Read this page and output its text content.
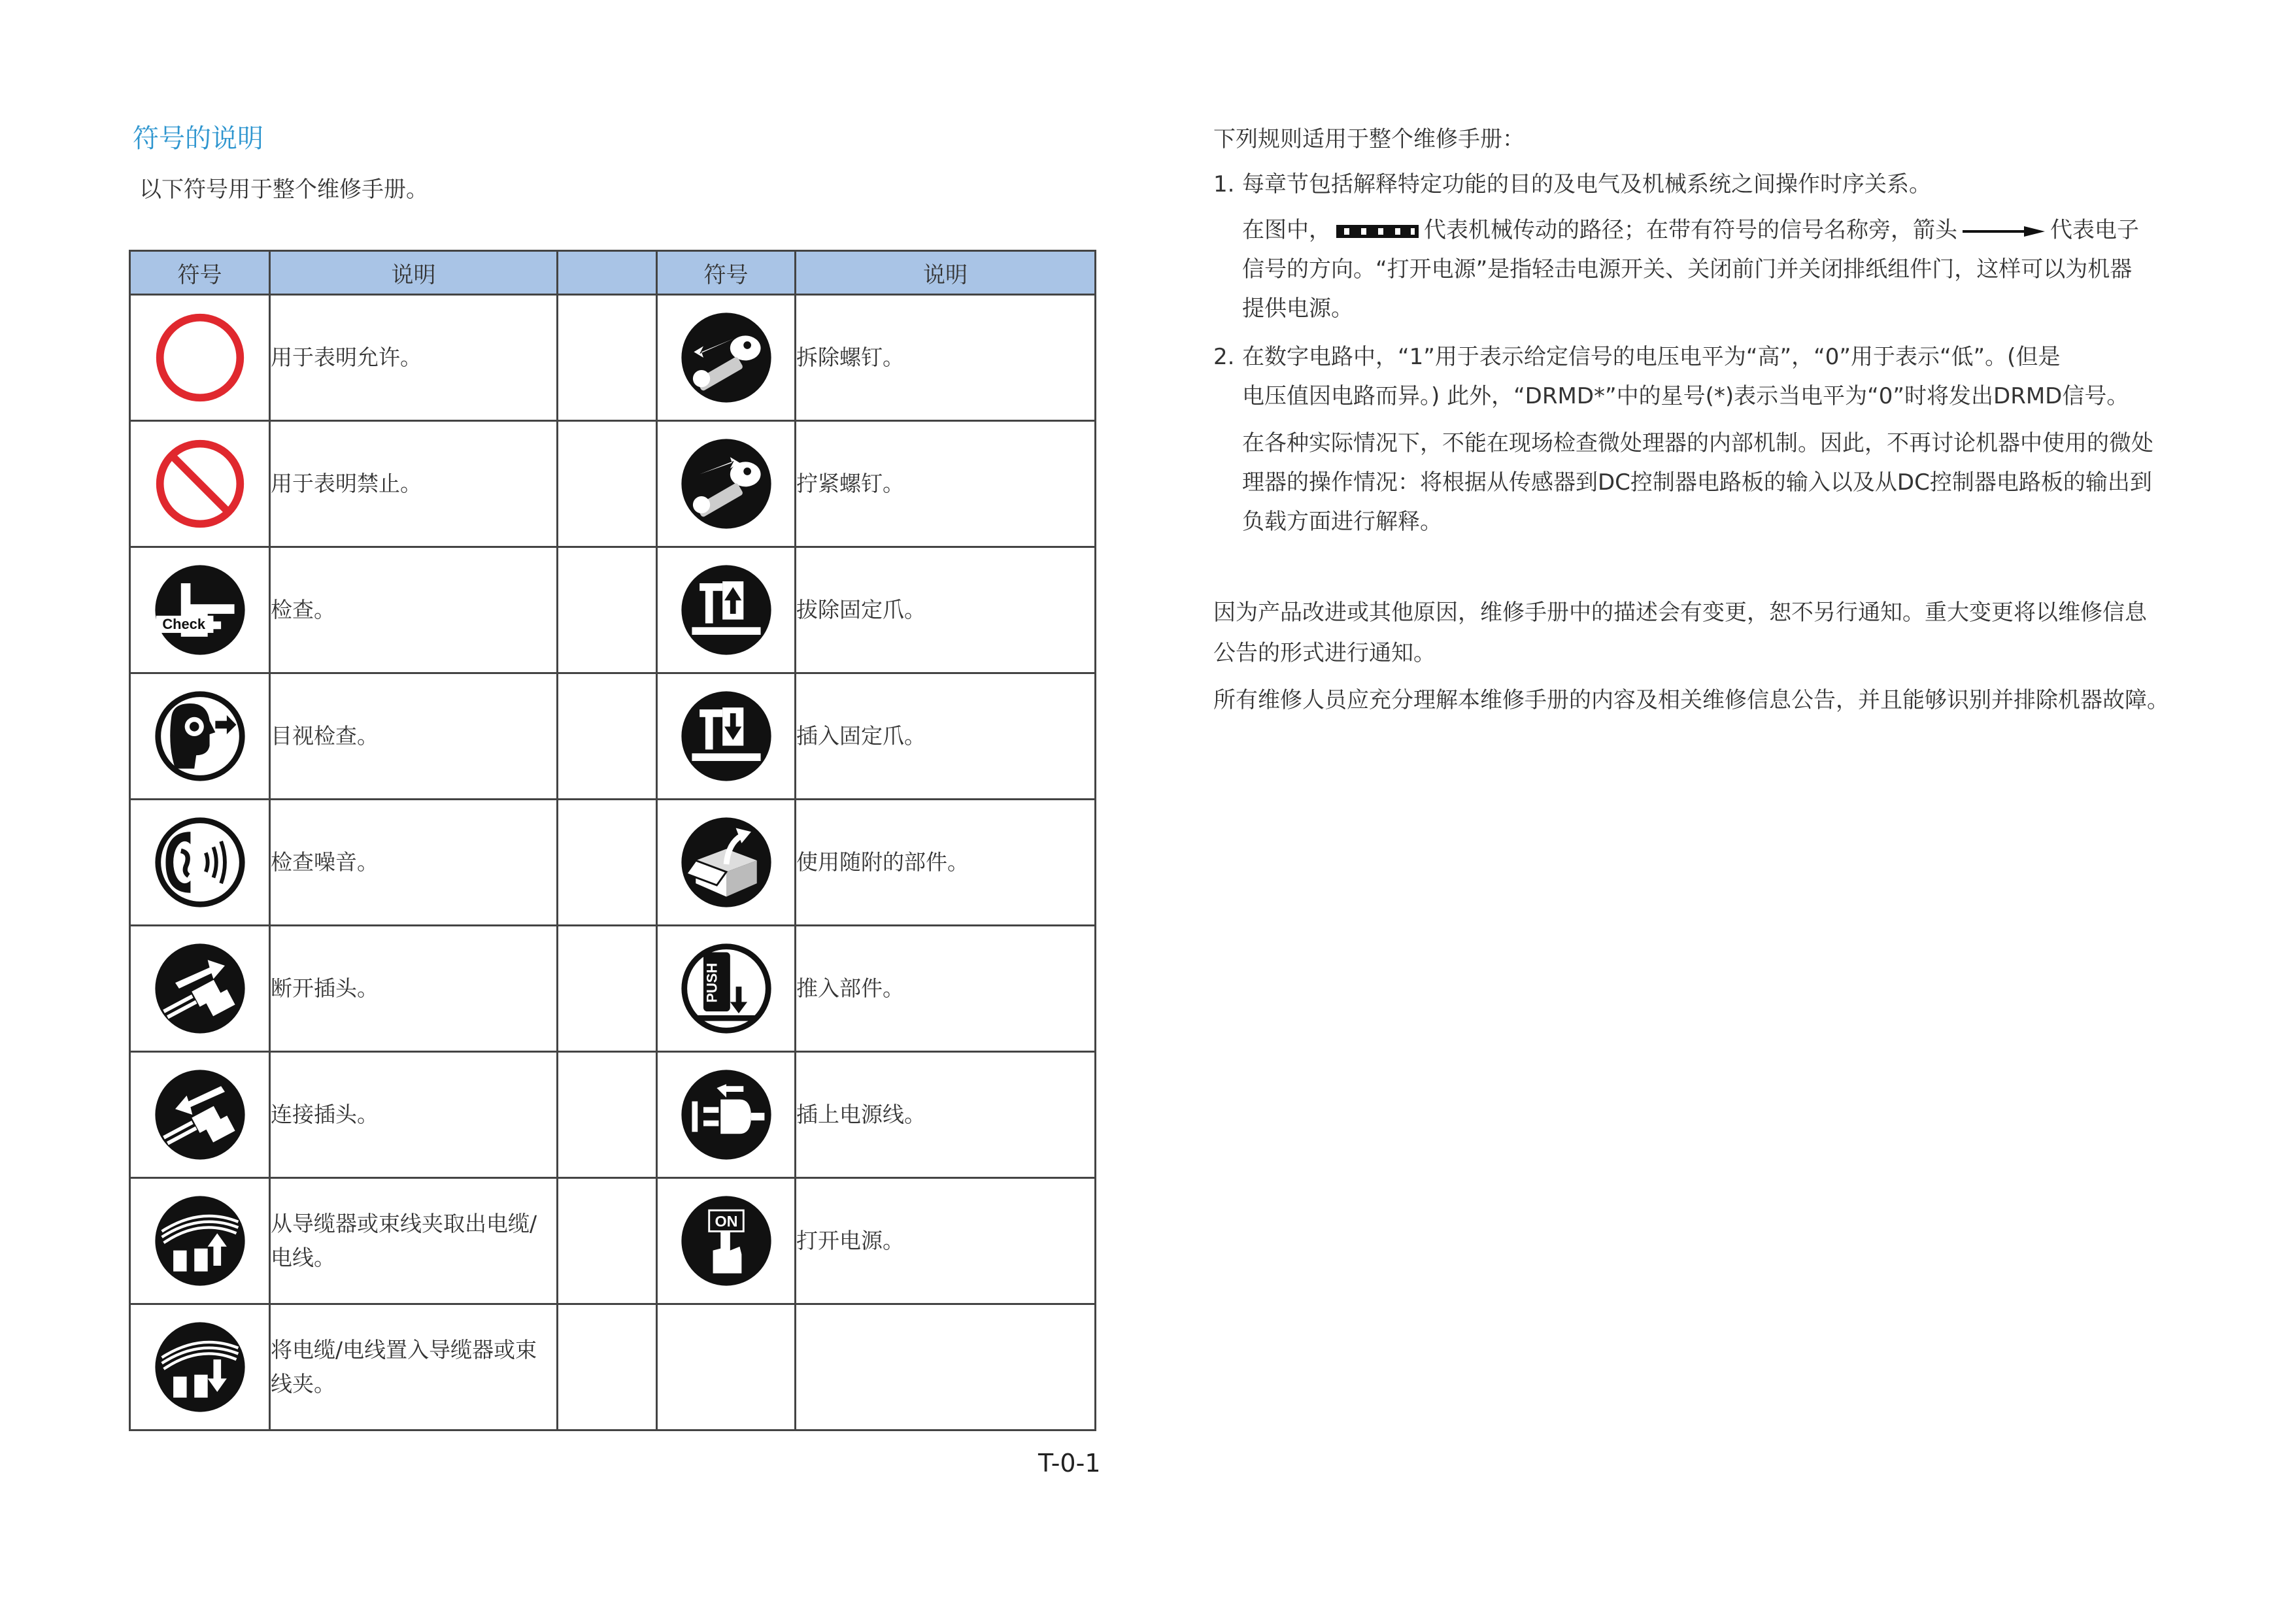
符号的说明
以下符号用于整个维修手册。
符号	说明		符号	说明
	用于表明允许。			拆除螺钉。
	用于表明禁止。			拧紧螺钉。

Check	检查。			拔除固定爪。
	目视检查。			插入固定爪。
	检查噪音。			使用随附的部件。
	断开插头。		PUSH	推入部件。
	连接插头。			插上电源线。
	从导缆器或束线夹取出电缆/电线。		ON	打开电源。
	将电缆/电线置入导缆器或束线夹。			
T-0-1
下列规则适用于整个维修手册：
1. 每章节包括解释特定功能的目的及电气及机械系统之间操作时序关系。
在图中，	代表机械传动的路径；在带有符号的信号名称旁，箭头	代表电子
信号的方向。“打开电源”是指轻击电源开关、关闭前门并关闭排纸组件门，这样可以为机器
提供电源。
2. 在数字电路中，“1”用于表示给定信号的电压电平为“高”，“0”用于表示“低”。(但是
电压值因电路而异。) 此外，“DRMD*”中的星号(*)表示当电平为“0”时将发出DRMD信号。
在各种实际情况下，不能在现场检查微处理器的内部机制。因此，不再讨论机器中使用的微处
理器的操作情况：将根据从传感器到DC控制器电路板的输入以及从DC控制器电路板的输出到
负载方面进行解释。
因为产品改进或其他原因，维修手册中的描述会有变更，恕不另行通知。重大变更将以维修信息
公告的形式进行通知。
所有维修人员应充分理解本维修手册的内容及相关维修信息公告，并且能够识别并排除机器故障。
